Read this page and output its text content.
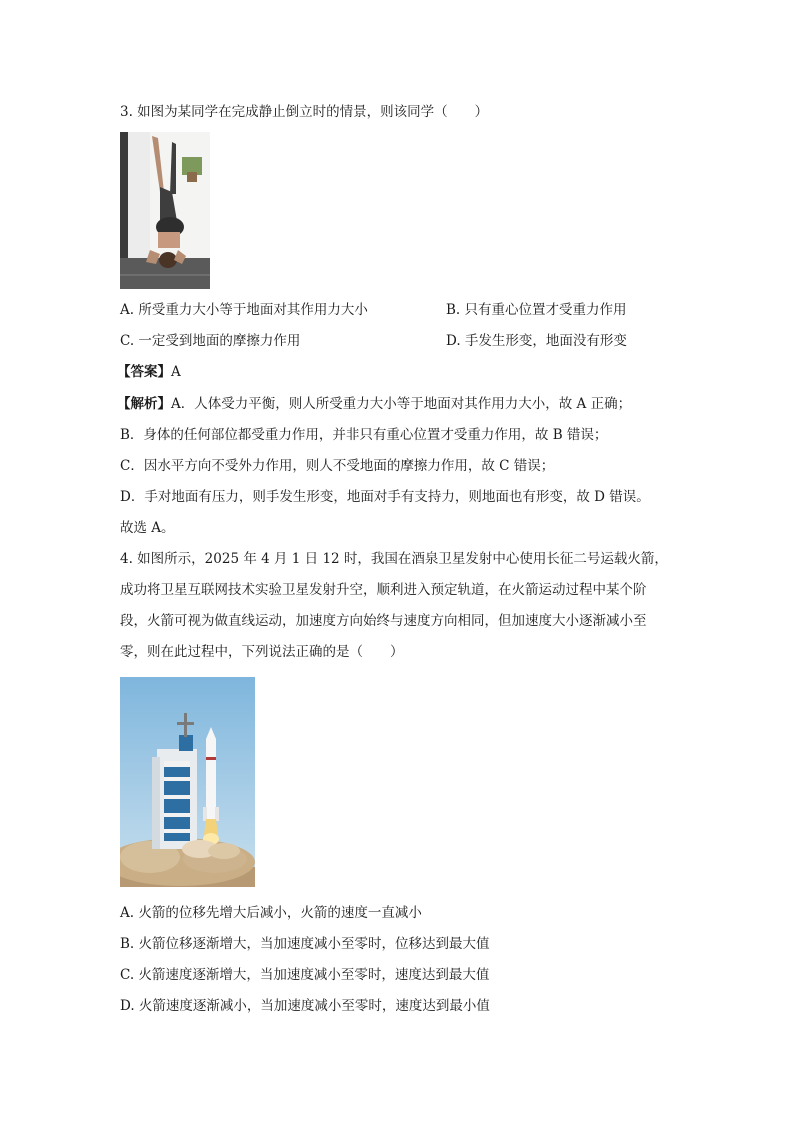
3. 如图为某同学在完成静止倒立时的情景，则该同学（　　）
A. 所受重力大小等于地面对其作用力大小	B. 只有重心位置才受重力作用
C. 一定受到地面的摩擦力作用	D. 手发生形变，地面没有形变
【答案】A
【解析】A．人体受力平衡，则人所受重力大小等于地面对其作用力大小，故 A 正确；
B．身体的任何部位都受重力作用，并非只有重心位置才受重力作用，故 B 错误；
C．因水平方向不受外力作用，则人不受地面的摩擦力作用，故 C 错误；
D．手对地面有压力，则手发生形变，地面对手有支持力，则地面也有形变，故 D 错误。
故选 A。
4. 如图所示，2025 年 4 月 1 日 12 时，我国在酒泉卫星发射中心使用长征二号运载火箭，
成功将卫星互联网技术实验卫星发射升空，顺利进入预定轨道，在火箭运动过程中某个阶
段，火箭可视为做直线运动，加速度方向始终与速度方向相同，但加速度大小逐渐减小至
零，则在此过程中，下列说法正确的是（　　）
A. 火箭的位移先增大后减小，火箭的速度一直减小
B. 火箭位移逐渐增大，当加速度减小至零时，位移达到最大值
C. 火箭速度逐渐增大，当加速度减小至零时，速度达到最大值
D. 火箭速度逐渐减小，当加速度减小至零时，速度达到最小值
